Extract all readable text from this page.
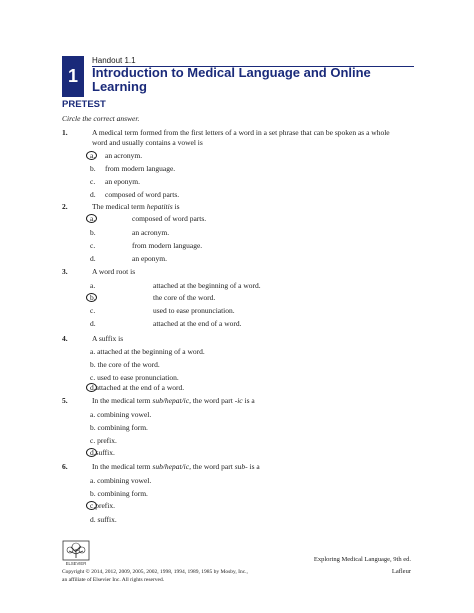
1
Handout 1.1
Introduction to Medical Language and Online
Learning
PRETEST
Circle the correct answer.
1.	A medical term formed from the first letters of a word in a set phrase that can be spoken as a whole
word and usually contains a vowel is
a. an acronym.
b. from modern language.
c. an eponym.
d. composed of word parts.
2.	The medical term hepatitis is
a.	composed of word parts.
b.	an acronym.
c.	from modern language.
d.	an eponym.
3.	A word root is
a.	attached at the beginning of a word.
b.	the core of the word.
c.	used to ease pronunciation.
d.	attached at the end of a word.
4.	A suffix is
a. attached at the beginning of a word.
b. the core of the word.
c. used to ease pronunciation.
d.attached at the end of a word.
5.	In the medical term sub/hepat/ic, the word part -ic is a
a. combining vowel.
b. combining form.
c. prefix.
d.suffix.
6.	In the medical term sub/hepat/ic, the word part sub- is a
a. combining vowel.
b. combining form.
c.prefix.
d. suffix.
ELSEVIER
Copyright © 2014, 2012, 2009, 2005, 2002, 1998, 1994, 1989, 1985 by Mosby, Inc.,
an affiliate of Elsevier Inc. All rights reserved.
Exploring Medical Language, 9th ed.
Lafleur
